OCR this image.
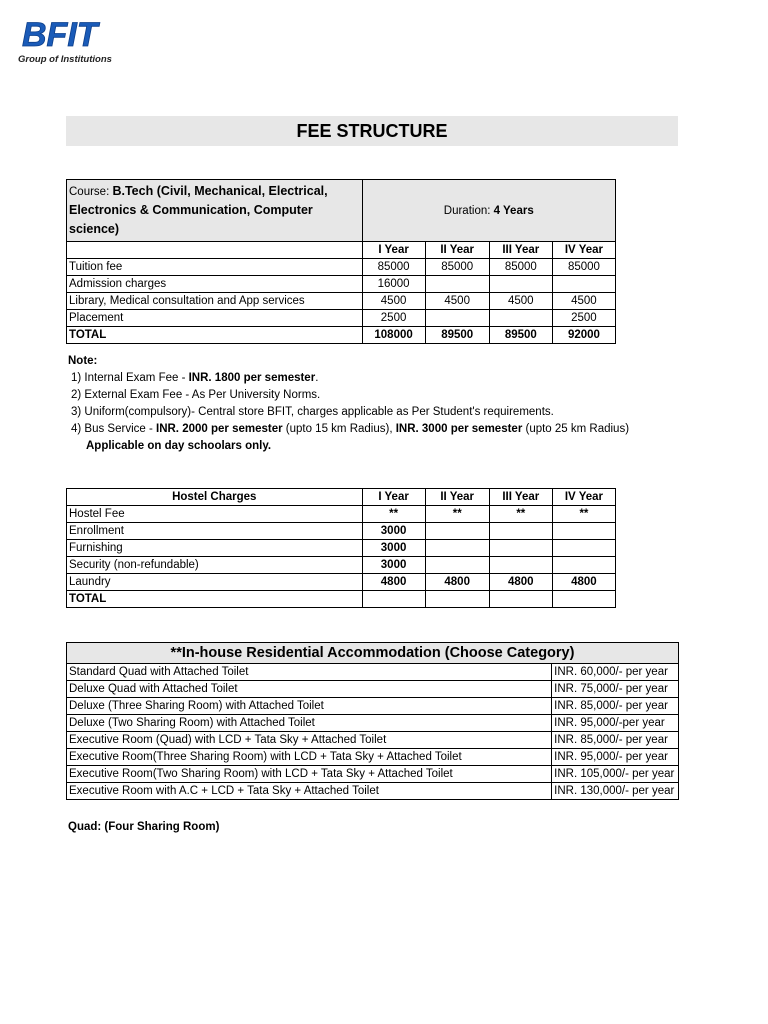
BFIT
Group of Institutions
FEE STRUCTURE
Course: B.Tech (Civil, Mechanical, Electrical, Electronics & Communication, Computer science)	Duration: 4 Years			
	I Year	II Year	III Year	IV Year
Tuition fee	85000	85000	85000	85000
Admission charges	16000			
Library, Medical consultation and App services	4500	4500	4500	4500
Placement	2500			2500
TOTAL	108000	89500	89500	92000
Note:
1) Internal Exam Fee - INR. 1800 per semester.
2) External Exam Fee - As Per University Norms.
3) Uniform(compulsory)- Central store BFIT, charges applicable as Per Student's requirements.
4) Bus Service - INR. 2000 per semester (upto 15 km Radius), INR. 3000 per semester (upto 25 km Radius)
Applicable on day schoolars only.
Hostel Charges	I Year	II Year	III Year	IV Year
Hostel Fee	**	**	**	**
Enrollment	3000			
Furnishing	3000			
Security (non-refundable)	3000			
Laundry	4800	4800	4800	4800
TOTAL				
**In-house Residential Accommodation (Choose Category)	
Standard Quad with Attached Toilet	INR. 60,000/- per year
Deluxe Quad with Attached Toilet	INR. 75,000/- per year
Deluxe (Three Sharing Room) with Attached Toilet	INR. 85,000/- per year
Deluxe (Two Sharing Room) with Attached Toilet	INR. 95,000/-per year
Executive Room (Quad) with LCD + Tata Sky + Attached Toilet	INR. 85,000/- per year
Executive Room(Three Sharing Room) with LCD + Tata Sky + Attached Toilet	INR. 95,000/- per year
Executive Room(Two Sharing Room) with LCD + Tata Sky + Attached Toilet	INR. 105,000/- per year
Executive Room with A.C + LCD + Tata Sky + Attached Toilet	INR. 130,000/- per year
Quad: (Four Sharing Room)
